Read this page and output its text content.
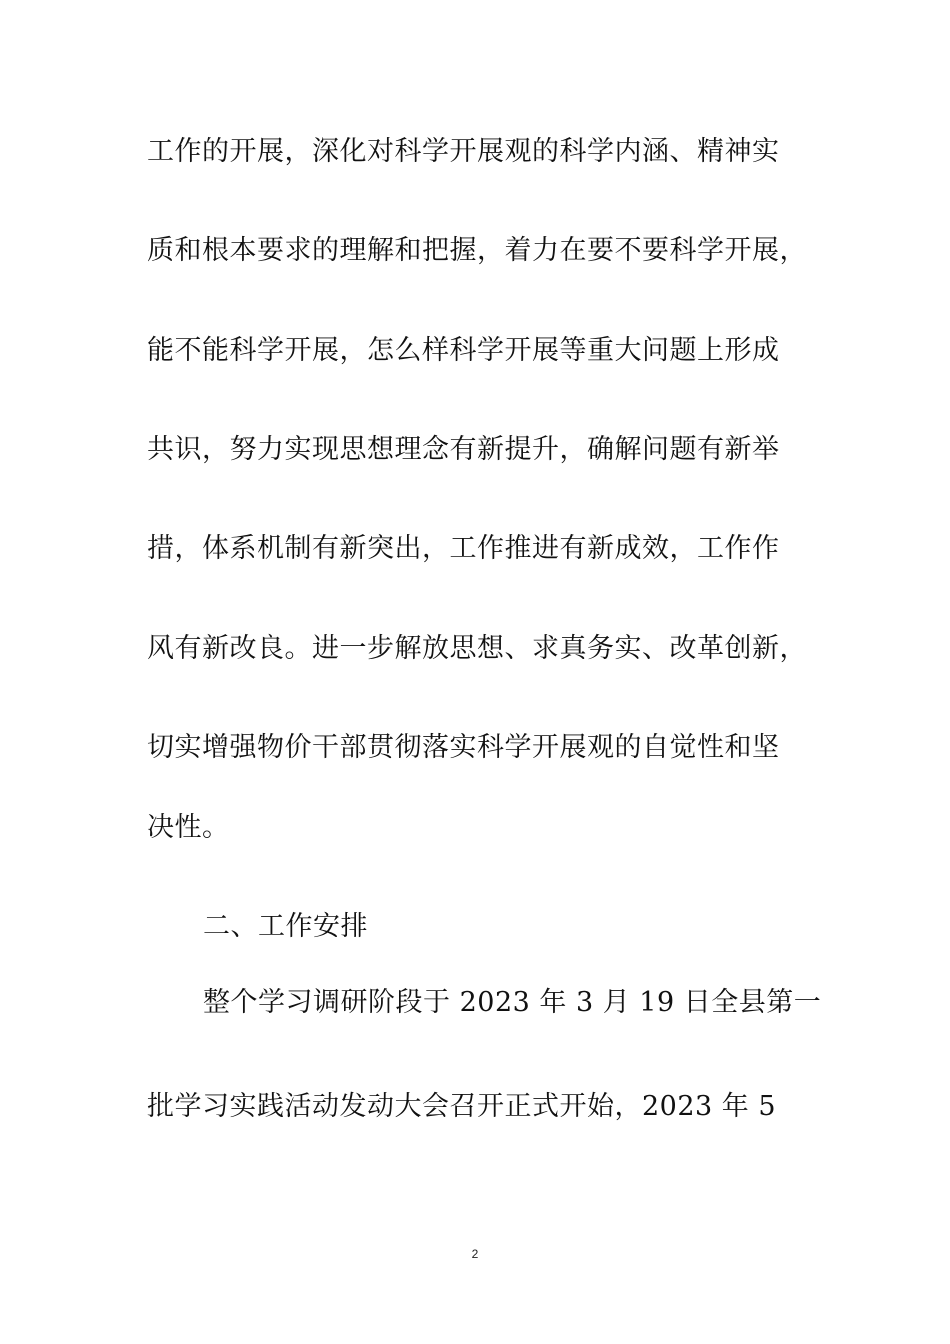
工作的开展，深化对科学开展观的科学内涵、精神实
质和根本要求的理解和把握，着力在要不要科学开展，
能不能科学开展，怎么样科学开展等重大问题上形成
共识，努力实现思想理念有新提升，确解问题有新举
措，体系机制有新突出，工作推进有新成效，工作作
风有新改良。进一步解放思想、求真务实、改革创新，
切实增强物价干部贯彻落实科学开展观的自觉性和坚
决性。
二、工作安排
整个学习调研阶段于 2023 年 3 月 19 日全县第一
批学习实践活动发动大会召开正式开始，2023 年 5
2
